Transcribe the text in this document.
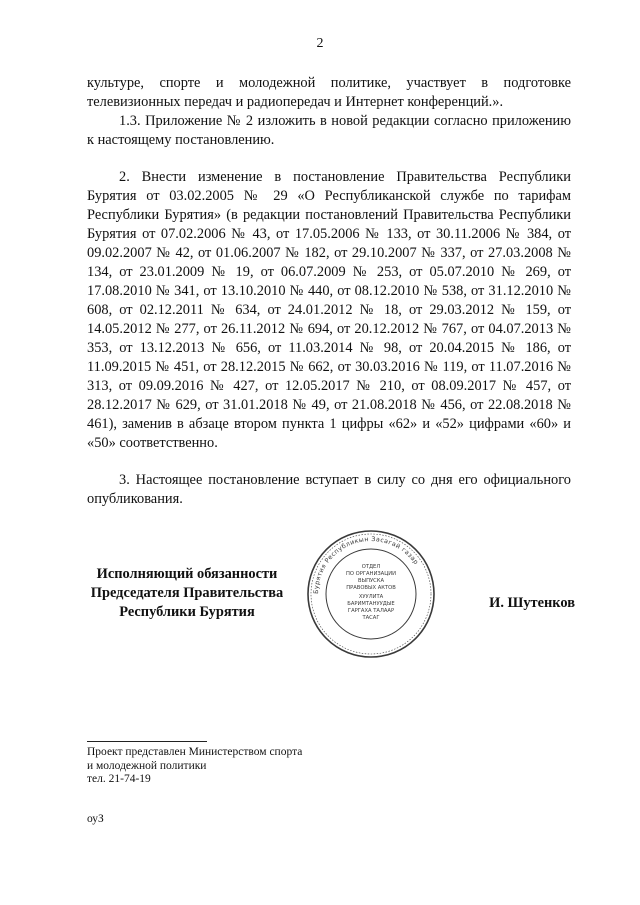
2

культуре, спорте и молодежной политике, участвует в подготовке телевизионных передач и радиопередач и Интернет конференций.».

1.3. Приложение № 2 изложить в новой редакции согласно приложению к настоящему постановлению.

2. Внести изменение в постановление Правительства Республики Бурятия от 03.02.2005 № 29 «О Республиканской службе по тарифам Республики Бурятия» (в редакции постановлений Правительства Республики Бурятия от 07.02.2006 № 43, от 17.05.2006 № 133, от 30.11.2006 № 384, от 09.02.2007 № 42, от 01.06.2007 № 182, от 29.10.2007 № 337, от 27.03.2008 № 134, от 23.01.2009 № 19, от 06.07.2009 № 253, от 05.07.2010 № 269, от 17.08.2010 № 341, от 13.10.2010 № 440, от 08.12.2010 № 538, от 31.12.2010 № 608, от 02.12.2011 № 634, от 24.01.2012 № 18, от 29.03.2012 № 159, от 14.05.2012 № 277, от 26.11.2012 № 694, от 20.12.2012 № 767, от 04.07.2013 № 353, от 13.12.2013 № 656, от 11.03.2014 № 98, от 20.04.2015 № 186, от 11.09.2015 № 451, от 28.12.2015 № 662, от 30.03.2016 № 119, от 11.07.2016 № 313, от 09.09.2016 № 427, от 12.05.2017 № 210, от 08.09.2017 № 457, от 28.12.2017 № 629, от 31.01.2018 № 49, от 21.08.2018 № 456, от 22.08.2018 № 461), заменив в абзаце втором пункта 1 цифры «62» и «52» цифрами «60» и «50» соответственно.

3. Настоящее постановление вступает в силу со дня его официального опубликования.

Исполняющий обязанности
Председателя Правительства
Республики Бурятия
Бурятия Республикын Засагай газар
ОТДЕЛ
ПО ОРГАНИЗАЦИИ
ВЫПУСКА
ПРАВОВЫХ АКТОВ
ХУУЛИТА
БАРИМТАНУУДЫЕ
ГАРГАХА ТАЛААР
ТАСАГ
И. Шутенков
Проект представлен Министерством спорта
и молодежной политики
тел. 21-74-19
оуЗ
